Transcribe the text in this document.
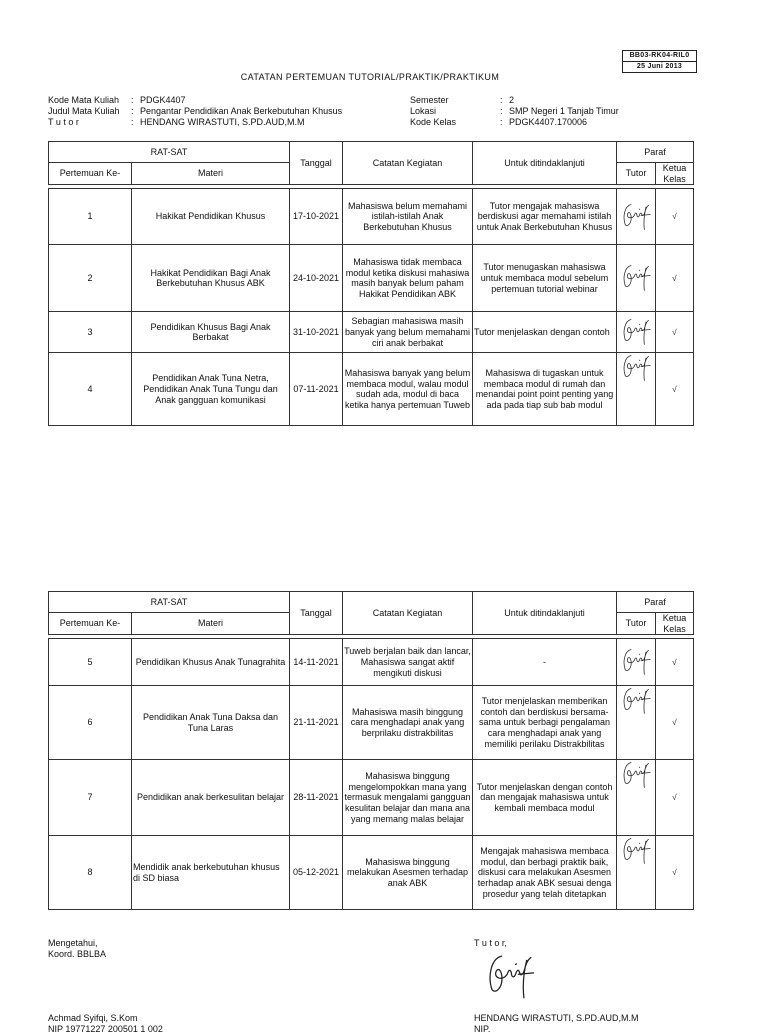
BB03-RK04-RIL0
25 Juni 2013
CATATAN PERTEMUAN TUTORIAL/PRAKTIK/PRAKTIKUM
Kode Mata Kuliah : PDGK4407
Judul Mata Kuliah : Pengantar Pendidikan Anak Berkebutuhan Khusus
T u t o r	: HENDANG WIRASTUTI, S.PD.AUD,M.M
Semester	: 2
Lokasi	: SMP Negeri 1 Tanjab Timur
Kode Kelas	: PDGK4407.170006
RAT-SAT		Tanggal	Catatan Kegiatan	Untuk ditindaklanjuti	Paraf	
Pertemuan Ke-	Materi				Tutor	Ketua Kelas

1	Hakikat Pendidikan Khusus	17-10-2021	Mahasiswa belum memahami istilah-istilah Anak Berkebutuhan Khusus	Tutor mengajak mahasiswa berdiskusi agar memahami istilah untuk Anak Berkebutuhan Khusus		√
2	Hakikat Pendidikan Bagi Anak Berkebutuhan Khusus ABK	24-10-2021	Mahasiswa tidak membaca modul ketika diskusi mahasiwa masih banyak belum paham Hakikat Pendidikan ABK	Tutor menugaskan mahasiswa untuk membaca modul sebelum pertemuan tutorial webinar		√
3	Pendidikan Khusus Bagi Anak Berbakat	31-10-2021	Sebagian mahasiswa masih banyak yang belum memahami ciri anak berbakat	Tutor menjelaskan dengan contoh		√
4	Pendidikan Anak Tuna Netra, Pendidikan Anak Tuna Tungu dan Anak gangguan komunikasi	07-11-2021	Mahasiswa banyak yang belum membaca modul, walau modul sudah ada, modul di baca ketika hanya pertemuan Tuweb	Mahasiswa di tugaskan untuk membaca modul di rumah dan menandai point point penting yang ada pada tiap sub bab modul		√
RAT-SAT		Tanggal	Catatan Kegiatan	Untuk ditindaklanjuti	Paraf	
Pertemuan Ke-	Materi				Tutor	Ketua Kelas

5	Pendidikan Khusus Anak Tunagrahita	14-11-2021	Tuweb berjalan baik dan lancar, Mahasiswa sangat aktif mengikuti diskusi	-		√
6	Pendidikan Anak Tuna Daksa dan Tuna Laras	21-11-2021	Mahasiswa masih binggung cara menghadapi anak yang berprilaku distrakbilitas	Tutor menjelaskan memberikan contoh dan berdiskusi bersama-sama untuk berbagi pengalaman cara menghadapi anak yang memiliki perilaku Distrakbilitas		√
7	Pendidikan anak berkesulitan belajar	28-11-2021	Mahasiswa binggung mengelompokkan mana yang termasuk mengalami gangguan kesulitan belajar dan mana ana yang memang malas belajar	Tutor menjelaskan dengan contoh dan mengajak mahasiswa untuk kembali membaca modul		√
8	Mendidik anak berkebutuhan khusus di SD biasa	05-12-2021	Mahasiswa binggung melakukan Asesmen terhadap anak ABK	Mengajak mahasiswa membaca modul, dan berbagi praktik baik, diskusi cara melakukan Asesmen terhadap anak ABK sesuai denga prosedur yang telah ditetapkan		√
Mengetahui,
Koord. BBLBA
Achmad Syifqi, S.Kom
NIP 19771227 200501 1 002
T u t o r,
HENDANG WIRASTUTI, S.PD.AUD,M.M
NIP.
